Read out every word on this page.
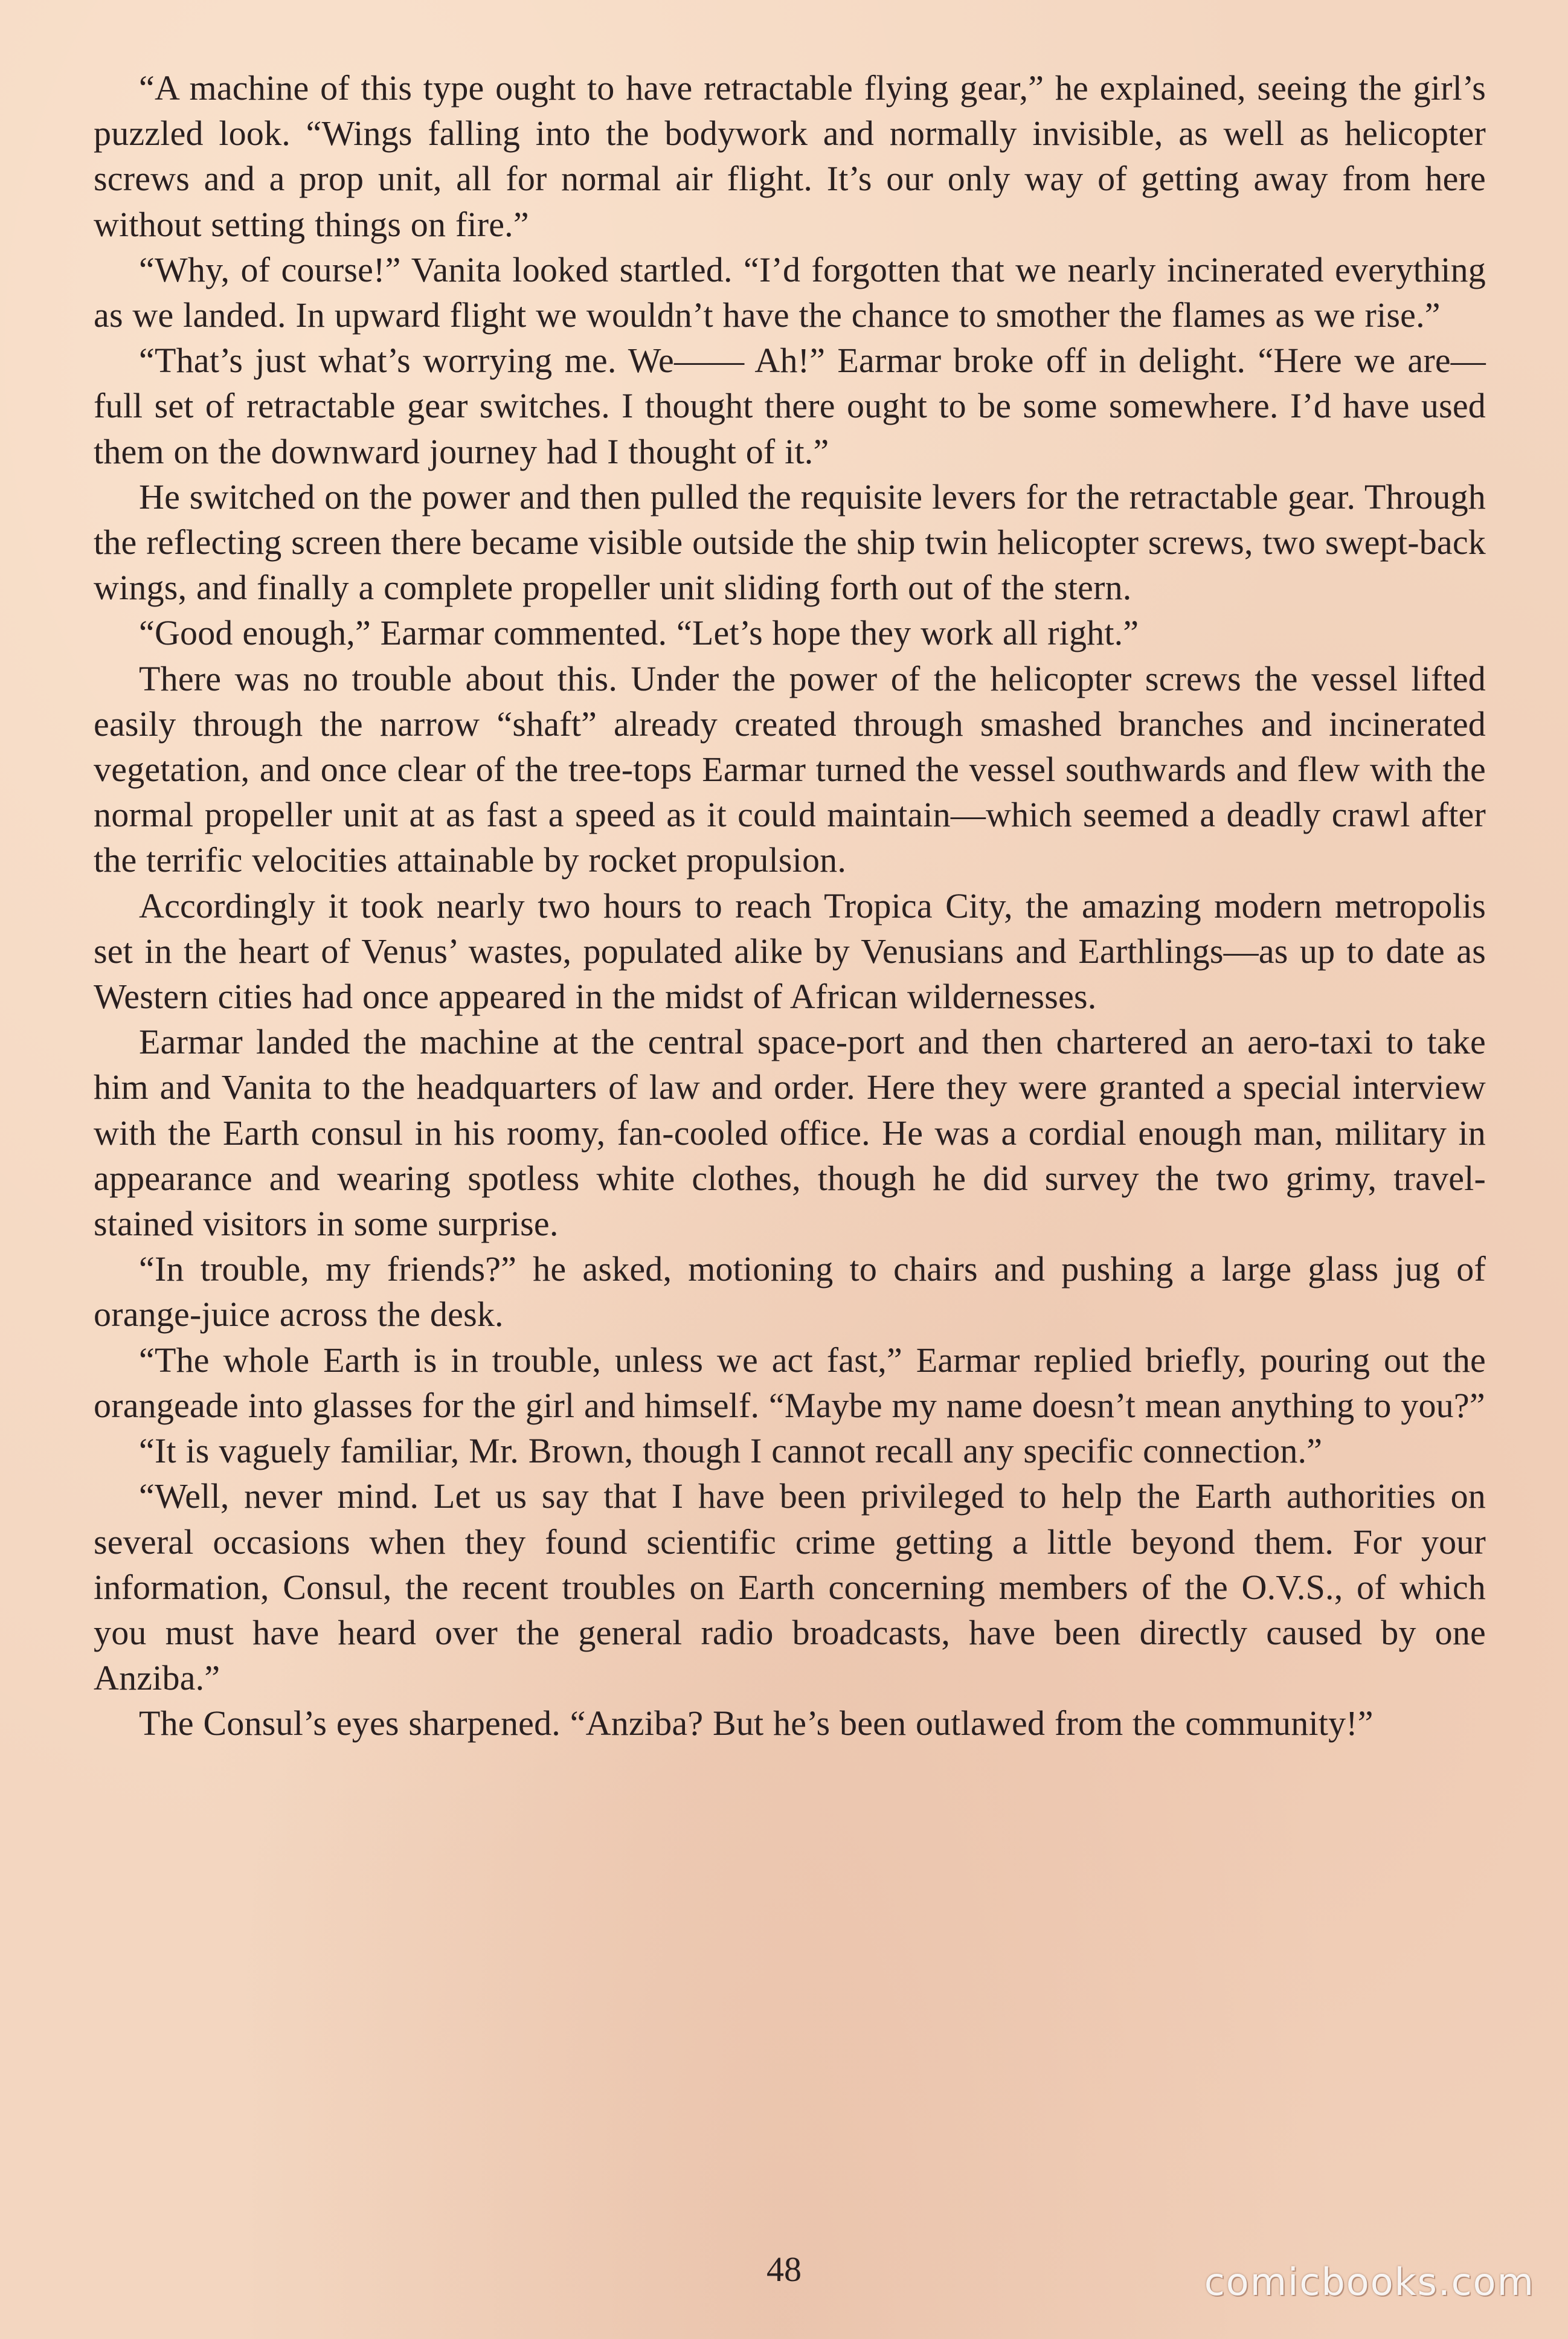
“A machine of this type ought to have retractable flying gear,” he explained, seeing the girl’s puzzled look. “Wings falling into the bodywork and normally invisible, as well as helicopter screws and a prop unit, all for normal air flight. It’s our only way of getting away from here without setting things on fire.”

“Why, of course!” Vanita looked startled. “I’d forgotten that we nearly incinerated everything as we landed. In upward flight we wouldn’t have the chance to smother the flames as we rise.”

“That’s just what’s worrying me. We—— Ah!” Earmar broke off in delight. “Here we are—full set of retractable gear switches. I thought there ought to be some somewhere. I’d have used them on the downward journey had I thought of it.”

He switched on the power and then pulled the requisite levers for the retractable gear. Through the reflecting screen there became visible outside the ship twin helicopter screws, two swept-back wings, and finally a complete propeller unit sliding forth out of the stern.

“Good enough,” Earmar commented. “Let’s hope they work all right.”

There was no trouble about this. Under the power of the helicopter screws the vessel lifted easily through the narrow “shaft” already created through smashed branches and incinerated vegetation, and once clear of the tree-tops Earmar turned the vessel southwards and flew with the normal propeller unit at as fast a speed as it could maintain—which seemed a deadly crawl after the terrific velocities attainable by rocket propulsion.

Accordingly it took nearly two hours to reach Tropica City, the amazing modern metropolis set in the heart of Venus’ wastes, populated alike by Venusians and Earthlings—as up to date as Western cities had once appeared in the midst of African wildernesses.

Earmar landed the machine at the central space-port and then chartered an aero-taxi to take him and Vanita to the headquarters of law and order. Here they were granted a special interview with the Earth consul in his roomy, fan-cooled office. He was a cordial enough man, military in appearance and wearing spotless white clothes, though he did survey the two grimy, travel-stained visitors in some surprise.

“In trouble, my friends?” he asked, motioning to chairs and pushing a large glass jug of orange-juice across the desk.

“The whole Earth is in trouble, unless we act fast,” Earmar replied briefly, pouring out the orangeade into glasses for the girl and himself. “Maybe my name doesn’t mean anything to you?”

“It is vaguely familiar, Mr. Brown, though I cannot recall any specific connection.”

“Well, never mind. Let us say that I have been privileged to help the Earth authorities on several occasions when they found scientific crime getting a little beyond them. For your information, Consul, the recent troubles on Earth concerning members of the O.V.S., of which you must have heard over the general radio broadcasts, have been directly caused by one Anziba.”

The Consul’s eyes sharpened. “Anziba? But he’s been outlawed from the community!”

48	comicbooks.com
